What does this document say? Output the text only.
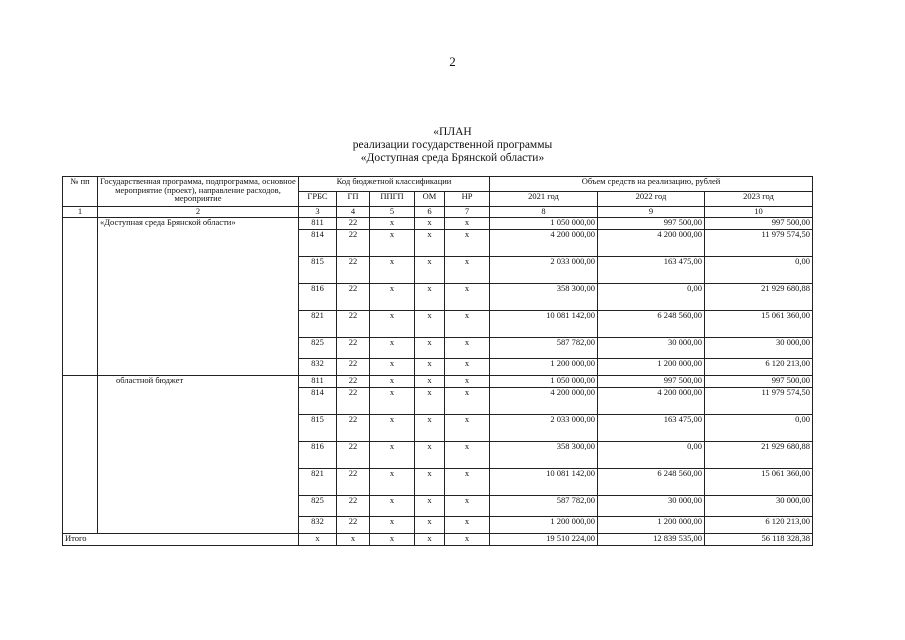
2
«ПЛАН
реализации государственной программы
«Доступная среда Брянской области»
№ пп	Государственная программа, подпрограмма, основное мероприятие (проект), направление расходов, мероприятие	Код бюджетной классификации					Объем средств на реализацию, рублей		
		ГРБС	ГП	ППГП	ОМ	НР	2021 год	2022 год	2023 год
1	2	3	4	5	6	7	8	9	10
	«Доступная среда Брянской области»	811	22	х	х	х	1 050 000,00	997 500,00	997 500,00
		814	22	х	х	х	4 200 000,00	4 200 000,00	11 979 574,50
		815	22	х	х	х	2 033 000,00	163 475,00	0,00
		816	22	х	х	х	358 300,00	0,00	21 929 680,88
		821	22	х	х	х	10 081 142,00	6 248 560,00	15 061 360,00
		825	22	х	х	х	587 782,00	30 000,00	30 000,00
		832	22	х	х	х	1 200 000,00	1 200 000,00	6 120 213,00
	областной бюджет	811	22	х	х	х	1 050 000,00	997 500,00	997 500,00
		814	22	х	х	х	4 200 000,00	4 200 000,00	11 979 574,50
		815	22	х	х	х	2 033 000,00	163 475,00	0,00
		816	22	х	х	х	358 300,00	0,00	21 929 680,88
		821	22	х	х	х	10 081 142,00	6 248 560,00	15 061 360,00
		825	22	х	х	х	587 782,00	30 000,00	30 000,00
		832	22	х	х	х	1 200 000,00	1 200 000,00	6 120 213,00
Итого		х	х	х	х	х	19 510 224,00	12 839 535,00	56 118 328,38
